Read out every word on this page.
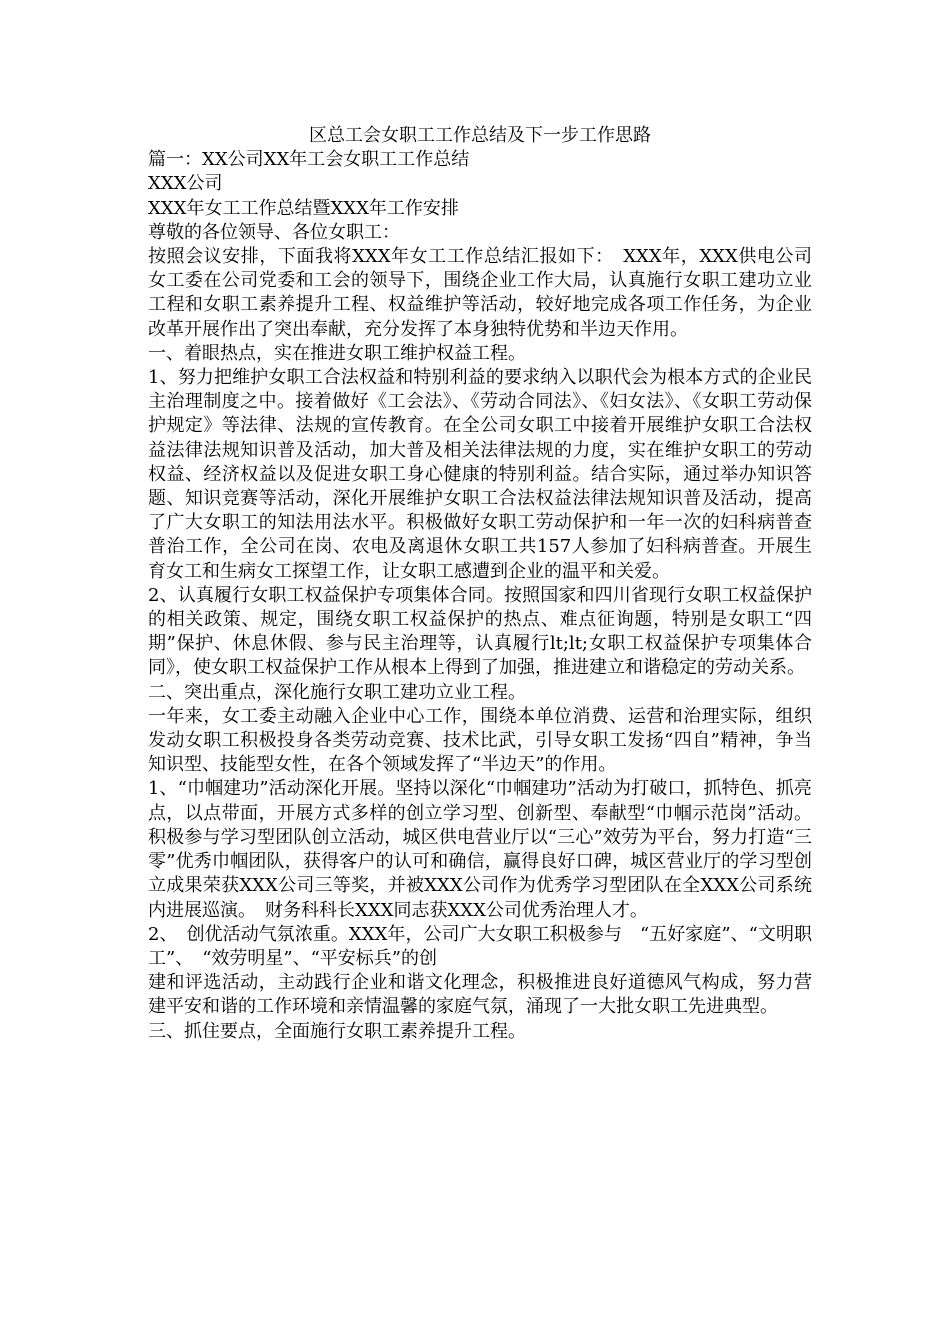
区总工会女职工工作总结及下一步工作思路

篇一：XX公司XX年工会女职工工作总结

XXX公司

XXX年女工工作总结暨XXX年工作安排

尊敬的各位领导、各位女职工：

按照会议安排，下面我将XXX年女工工作总结汇报如下：　XXX年，XXX供电公司女工委在公司党委和工会的领导下，围绕企业工作大局，认真施行女职工建功立业工程和女职工素养提升工程、权益维护等活动，较好地完成各项工作任务，为企业改革开展作出了突出奉献，充分发挥了本身独特优势和半边天作用。

一、着眼热点，实在推进女职工维护权益工程。

1、努力把维护女职工合法权益和特别利益的要求纳入以职代会为根本方式的企业民主治理制度之中。接着做好《工会法》、《劳动合同法》、《妇女法》、《女职工劳动保护规定》等法律、法规的宣传教育。在全公司女职工中接着开展维护女职工合法权益法律法规知识普及活动，加大普及相关法律法规的力度，实在维护女职工的劳动权益、经济权益以及促进女职工身心健康的特别利益。结合实际，通过举办知识答题、知识竞赛等活动，深化开展维护女职工合法权益法律法规知识普及活动，提高了广大女职工的知法用法水平。积极做好女职工劳动保护和一年一次的妇科病普查普治工作，全公司在岗、农电及离退休女职工共157人参加了妇科病普查。开展生育女工和生病女工探望工作，让女职工感遭到企业的温平和关爱。

2、认真履行女职工权益保护专项集体合同。按照国家和四川省现行女职工权益保护的相关政策、规定，围绕女职工权益保护的热点、难点征询题，特别是女职工“四期”保护、休息休假、参与民主治理等，认真履行lt;lt;女职工权益保护专项集体合同》，使女职工权益保护工作从根本上得到了加强，推进建立和谐稳定的劳动关系。

二、突出重点，深化施行女职工建功立业工程。

一年来，女工委主动融入企业中心工作，围绕本单位消费、运营和治理实际，组织发动女职工积极投身各类劳动竞赛、技术比武，引导女职工发扬“四自”精神，争当知识型、技能型女性，在各个领域发挥了“半边天”的作用。

1、“巾帼建功”活动深化开展。坚持以深化“巾帼建功”活动为打破口，抓特色、抓亮点，以点带面，开展方式多样的创立学习型、创新型、奉献型“巾帼示范岗”活动。积极参与学习型团队创立活动，城区供电营业厅以“三心”效劳为平台，努力打造“三零”优秀巾帼团队，获得客户的认可和确信，赢得良好口碑，城区营业厅的学习型创立成果荣获XXX公司三等奖，并被XXX公司作为优秀学习型团队在全XXX公司系统内进展巡演。　财务科科长XXX同志获XXX公司优秀治理人才。

2、　创优活动气氛浓重。XXX年，公司广大女职工积极参与　“五好家庭”、“文明职工”、　“效劳明星”、“平安标兵”的创

建和评选活动，主动践行企业和谐文化理念，积极推进良好道德风气构成，努力营建平安和谐的工作环境和亲情温馨的家庭气氛，涌现了一大批女职工先进典型。

三、抓住要点，全面施行女职工素养提升工程。
